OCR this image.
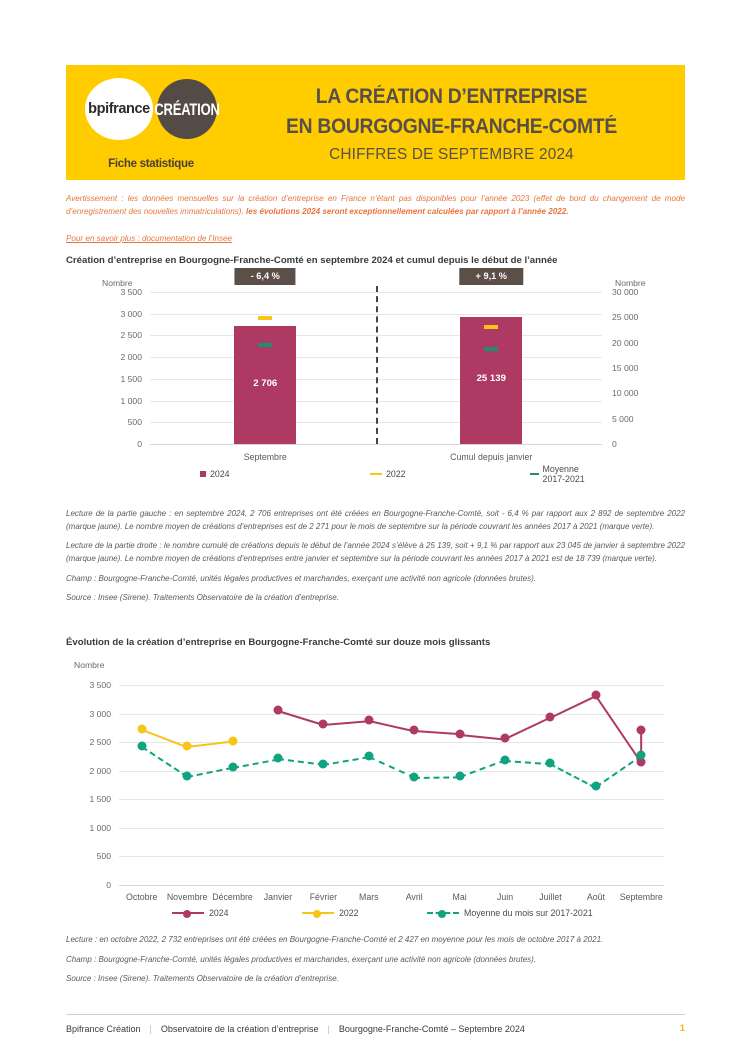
bpifrance CRÉATION
Fiche statistique
LA CRÉATION D’ENTREPRISE
EN BOURGOGNE-FRANCHE-COMTÉ
CHIFFRES DE SEPTEMBRE 2024
Avertissement : les données mensuelles sur la création d’entreprise en France n’étant pas disponibles pour l’année 2023 (effet de bord du changement de mode d’enregistrement des nouvelles immatriculations), les évolutions 2024 seront exceptionnellement calculées par rapport à l’année 2022.
Pour en savoir plus : documentation de l’Insee
Création d’entreprise en Bourgogne-Franche-Comté en septembre 2024 et cumul depuis le début de l’année
Nombre	Nombre
3 500
3 000
2 500
2 000
1 500
1 000
500
0
30 000
25 000
20 000
15 000
10 000
5 000
0
2 706
- 6,4 %
Septembre
25 139
+ 9,1 %
Cumul depuis janvier
2024	2022	Moyenne 2017-2021

Lecture de la partie gauche : en septembre 2024, 2 706 entreprises ont été créées en Bourgogne-Franche-Comté, soit - 6,4 % par rapport aux 2 892 de septembre 2022 (marque jaune). Le nombre moyen de créations d’entreprises est de 2 271 pour le mois de septembre sur la période couvrant les années 2017 à 2021 (marque verte).

Lecture de la partie droite : le nombre cumulé de créations depuis le début de l’année 2024 s’élève à 25 139, soit + 9,1 % par rapport aux 23 045 de janvier à septembre 2022 (marque jaune). Le nombre moyen de créations d’entreprises entre janvier et septembre sur la période couvrant les années 2017 à 2021 est de 18 739 (marque verte).

Champ : Bourgogne-Franche-Comté, unités légales productives et marchandes, exerçant une activité non agricole (données brutes).

Source : Insee (Sirene). Traitements Observatoire de la création d’entreprise.

Évolution de la création d’entreprise en Bourgogne-Franche-Comté sur douze mois glissants
Nombre
3 500
3 000
2 500
2 000
1 500
1 000
500
0
Octobre Novembre Décembre Janvier Février Mars	Avril	Mai	Juin	Juillet	Août Septembre
2024	2022	Moyenne du mois sur 2017-2021

Lecture : en octobre 2022, 2 732 entreprises ont été créées en Bourgogne-Franche-Comté et 2 427 en moyenne pour les mois de octobre 2017 à 2021.

Champ : Bourgogne-Franche-Comté, unités légales productives et marchandes, exerçant une activité non agricole (données brutes).

Source : Insee (Sirene). Traitements Observatoire de la création d’entreprise.

Bpifrance Création | Observatoire de la création d’entreprise | Bourgogne-Franche-Comté – Septembre 2024	1
